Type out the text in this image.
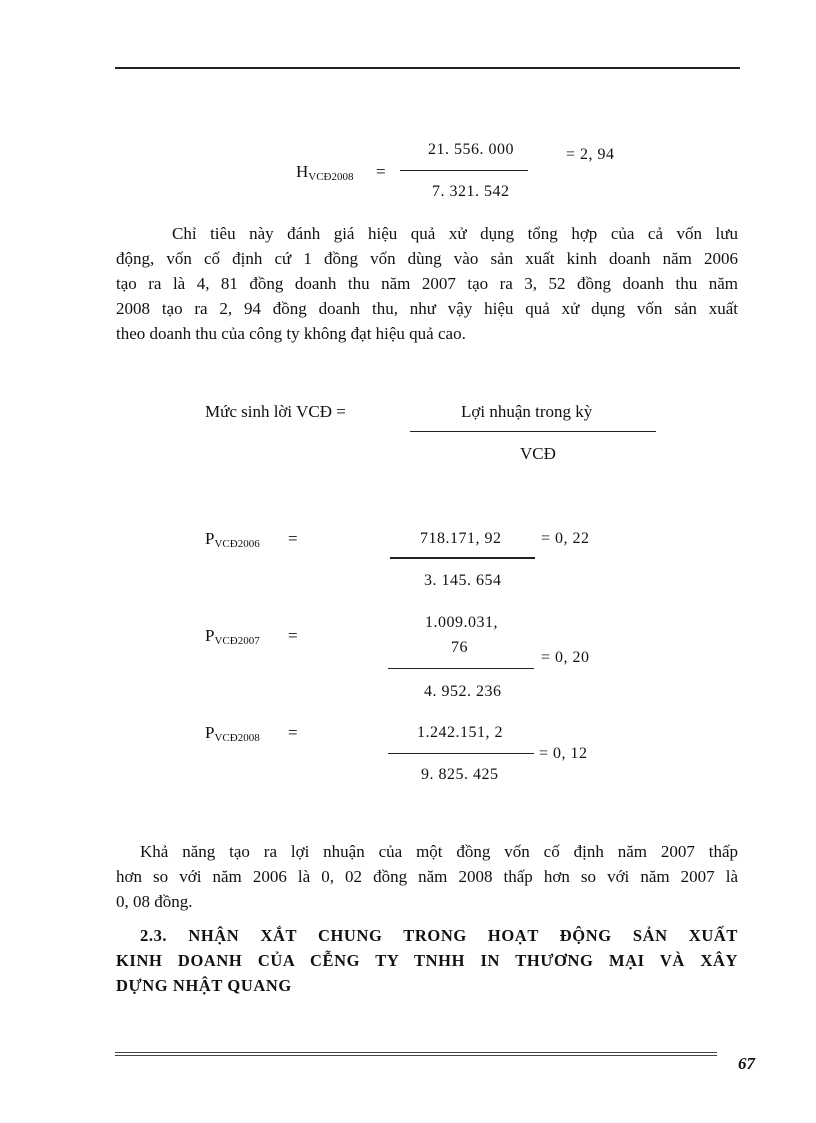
HVCĐ2008 =
21. 556. 000
7. 321. 542
= 2, 94
Chỉ tiêu này đánh giá hiệu quả xử dụng tổng hợp của cả vốn lưu
động, vốn cố định cứ 1 đồng vốn dùng vào sản xuất kinh doanh năm 2006
tạo ra là 4, 81 đồng doanh thu năm 2007 tạo ra 3, 52 đồng doanh thu năm
2008 tạo ra 2, 94 đồng doanh thu, như vậy hiệu quả xử dụng vốn sản xuất
theo doanh thu của công ty không đạt hiệu quả cao.
Mức sinh lời VCĐ =	Lợi nhuận trong kỳ
VCĐ
PVCĐ2006 =	718.171, 92
3. 145. 654
= 0, 22
PVCĐ2007 =
1.009.031,
76
4. 952. 236
= 0, 20
PVCĐ2008 =	1.242.151, 2
9. 825. 425
= 0, 12
Khả năng tạo ra lợi nhuận của một đồng vốn cố định năm 2007 thấp
hơn so với năm 2006 là 0, 02 đồng năm 2008 thấp hơn so với năm 2007 là
0, 08 đồng.
2.3. NHẬN XẮT CHUNG TRONG HOẠT ĐỘNG SẢN XUẤT
KINH DOANH CỦA CỄNG TY TNHH IN THƯƠNG MẠI VÀ XÂY
DỰNG NHẬT QUANG
67
